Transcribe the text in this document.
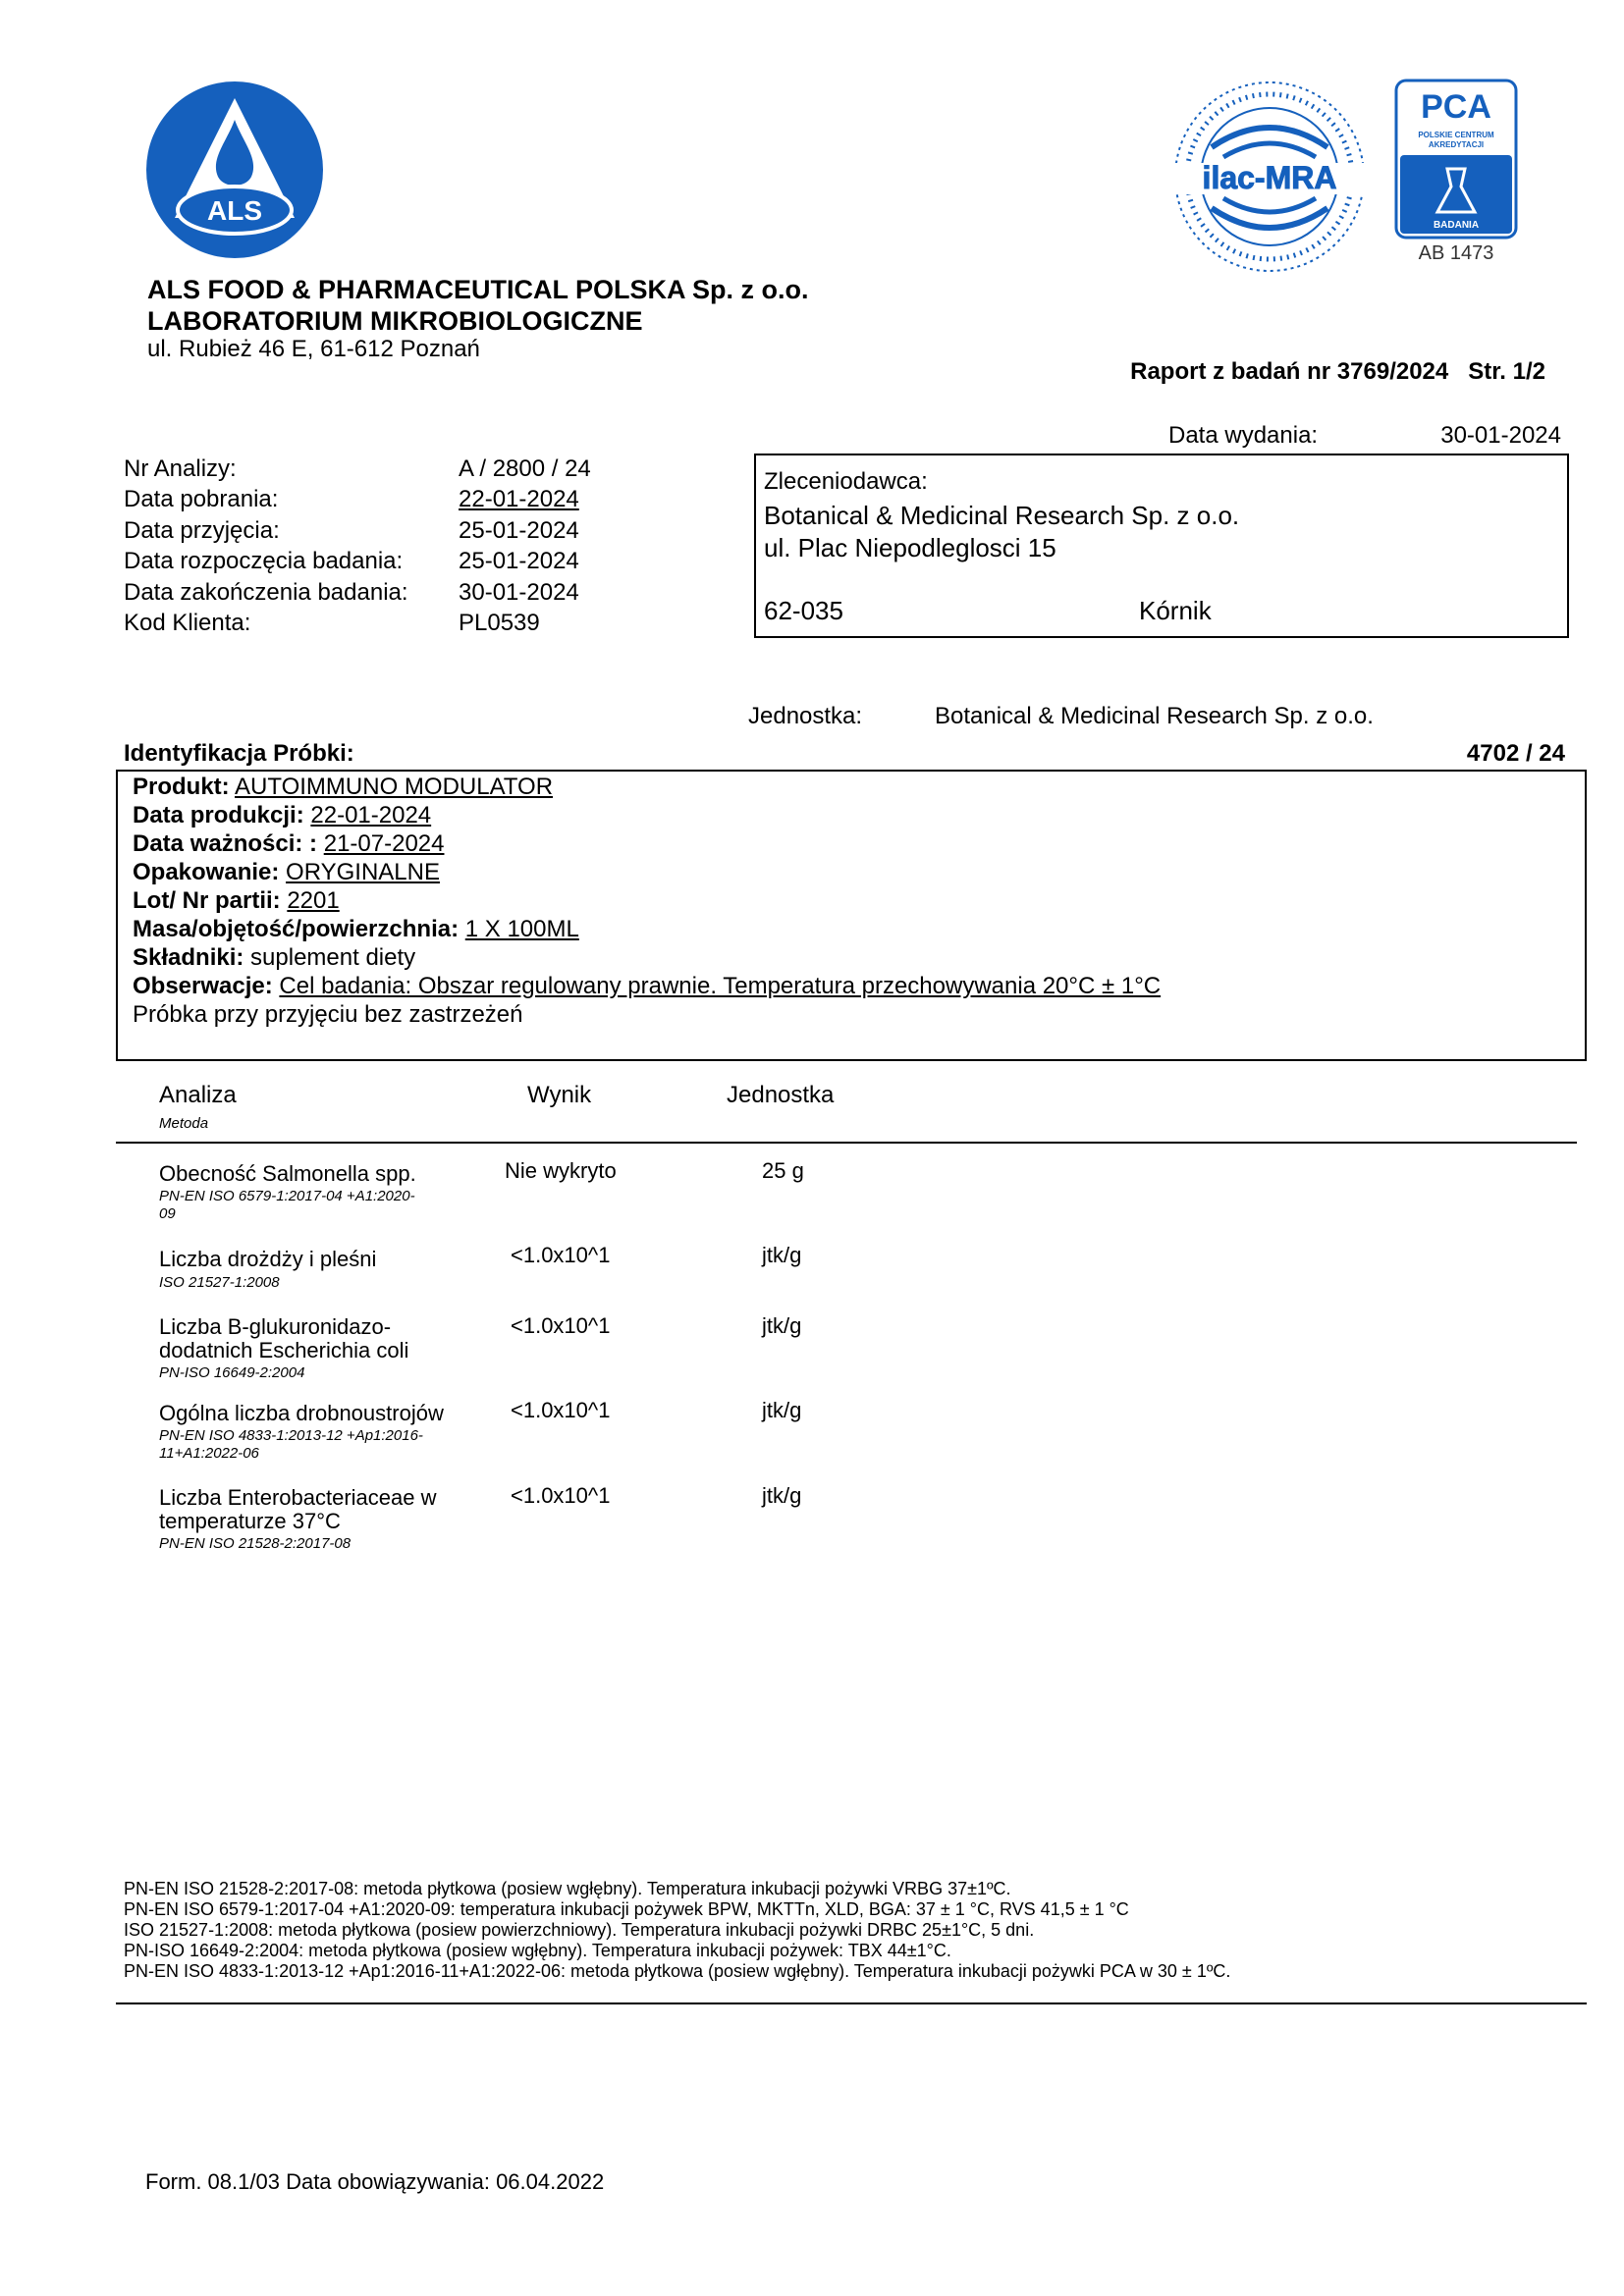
ALS
ilac-MRA
PCA
POLSKIE CENTRUM
AKREDYTACJI
BADANIA
AB 1473
ALS FOOD & PHARMACEUTICAL POLSKA Sp. z o.o.
LABORATORIUM MIKROBIOLOGICZNE
ul. Rubież 46 E, 61-612 Poznań
Raport z badań nr 3769/2024 Str. 1/2
Data wydania:	30-01-2024
Nr Analizy:	A / 2800 / 24
Data pobrania:	22-01-2024
Data przyjęcia:	25-01-2024
Data rozpoczęcia badania: 25-01-2024
Data zakończenia badania: 30-01-2024
Kod Klienta:	PL0539
Zleceniodawca:
Botanical & Medicinal Research Sp. z o.o.
ul. Plac Niepodleglosci 15
62-035	Kórnik
Jednostka:	Botanical & Medicinal Research Sp. z o.o.
Identyfikacja Próbki:	4702 / 24
Produkt: AUTOIMMUNO MODULATOR
Data produkcji: 22-01-2024
Data ważności: : 21-07-2024
Opakowanie: ORYGINALNE
Lot/ Nr partii: 2201
Masa/objętość/powierzchnia: 1 X 100ML
Składniki: suplement diety
Obserwacje: Cel badania: Obszar regulowany prawnie. Temperatura przechowywania 20°C ± 1°C
Próbka przy przyjęciu bez zastrzeżeń
Analiza
Metoda
Wynik	Jednostka
Obecność Salmonella spp.
PN-EN ISO 6579-1:2017-04 +A1:2020-
09
Nie wykryto	25 g
Liczba drożdży i pleśni
ISO 21527-1:2008
<1.0x10^1	jtk/g
Liczba B-glukuronidazo-
dodatnich Escherichia coli
PN-ISO 16649-2:2004
<1.0x10^1	jtk/g
Ogólna liczba drobnoustrojów
PN-EN ISO 4833-1:2013-12 +Ap1:2016-
11+A1:2022-06
<1.0x10^1	jtk/g
Liczba Enterobacteriaceae w
temperaturze 37°C
PN-EN ISO 21528-2:2017-08
<1.0x10^1	jtk/g
PN-EN ISO 21528-2:2017-08: metoda płytkowa (posiew wgłębny). Temperatura inkubacji pożywki VRBG 37±1ºC.
PN-EN ISO 6579-1:2017-04 +A1:2020-09: temperatura inkubacji pożywek BPW, MKTTn, XLD, BGA: 37 ± 1 °C, RVS 41,5 ± 1 °C
ISO 21527-1:2008: metoda płytkowa (posiew powierzchniowy). Temperatura inkubacji pożywki DRBC 25±1°C, 5 dni.
PN-ISO 16649-2:2004: metoda płytkowa (posiew wgłębny). Temperatura inkubacji pożywek: TBX 44±1°C.
PN-EN ISO 4833-1:2013-12 +Ap1:2016-11+A1:2022-06: metoda płytkowa (posiew wgłębny). Temperatura inkubacji pożywki PCA w 30 ± 1ºC.
Form. 08.1/03 Data obowiązywania: 06.04.2022
